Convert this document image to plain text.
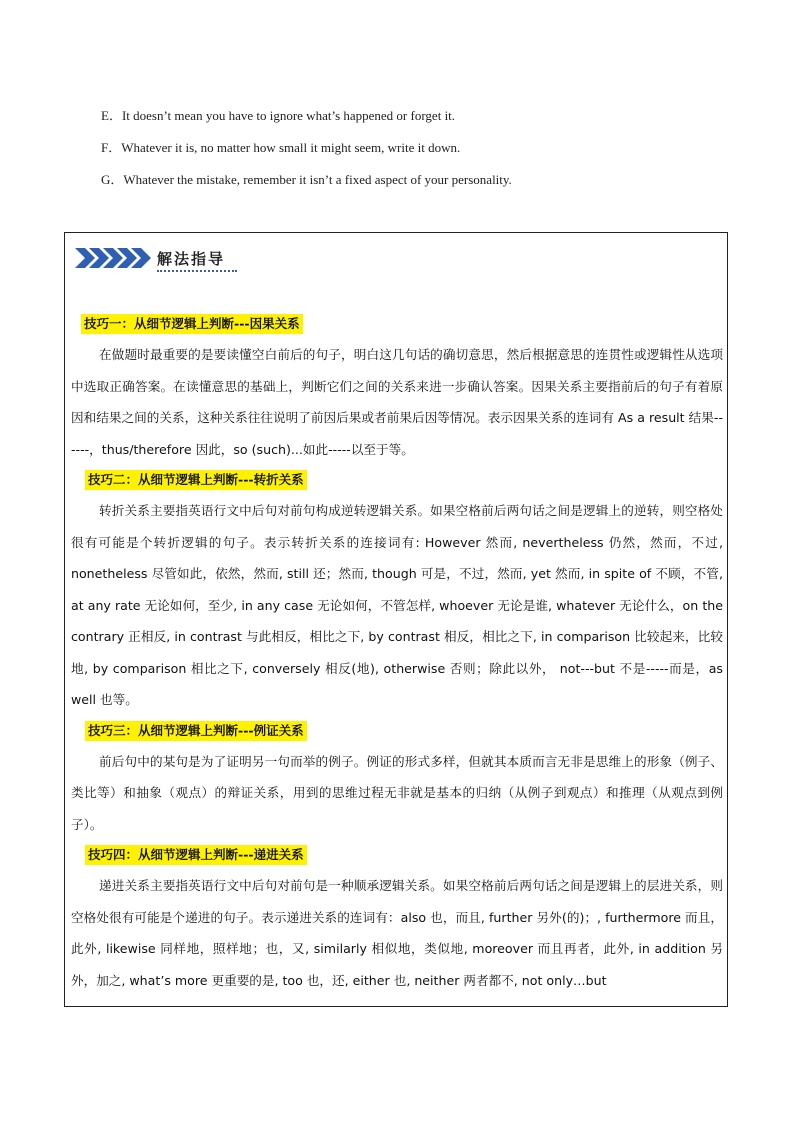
E．It doesn’t mean you have to ignore what’s happened or forget it.
F．Whatever it is, no matter how small it might seem, write it down.
G．Whatever the mistake, remember it isn’t a fixed aspect of your personality.
解法指导
技巧一：从细节逻辑上判断---因果关系

在做题时最重要的是要读懂空白前后的句子，明白这几句话的确切意思，然后根据意思的连贯性或逻辑性从选项中选取正确答案。在读懂意思的基础上，判断它们之间的关系来进一步确认答案。因果关系主要指前后的句子有着原因和结果之间的关系，这种关系往往说明了前因后果或者前果后因等情况。表示因果关系的连词有 As a result 结果------，thus/therefore 因此，so (such)...如此-----以至于等。

技巧二：从细节逻辑上判断---转折关系

转折关系主要指英语行文中后句对前句构成逆转逻辑关系。如果空格前后两句话之间是逻辑上的逆转，则空格处很有可能是个转折逻辑的句子。表示转折关系的连接词有: However 然而, nevertheless 仍然，然而，不过, nonetheless 尽管如此，依然，然而, still 还；然而, though 可是，不过，然而, yet 然而, in spite of 不顾，不管, at any rate 无论如何，至少, in any case 无论如何，不管怎样, whoever 无论是谁, whatever 无论什么，on the contrary 正相反, in contrast 与此相反，相比之下, by contrast 相反，相比之下, in comparison 比较起来，比较地, by comparison 相比之下, conversely 相反(地), otherwise 否则；除此以外， not---but 不是-----而是，as well 也等。

技巧三：从细节逻辑上判断---例证关系

前后句中的某句是为了证明另一句而举的例子。例证的形式多样，但就其本质而言无非是思维上的形象（例子、类比等）和抽象（观点）的辩证关系，用到的思维过程无非就是基本的归纳（从例子到观点）和推理（从观点到例子）。

技巧四：从细节逻辑上判断---递进关系

递进关系主要指英语行文中后句对前句是一种顺承逻辑关系。如果空格前后两句话之间是逻辑上的层进关系，则空格处很有可能是个递进的句子。表示递进关系的连词有：also 也，而且, further 另外(的)；, furthermore 而且，此外, likewise 同样地，照样地；也，又, similarly 相似地，类似地, moreover 而且再者，此外, in addition 另外，加之, what’s more 更重要的是, too 也，还, either 也, neither 两者都不, not only…but
